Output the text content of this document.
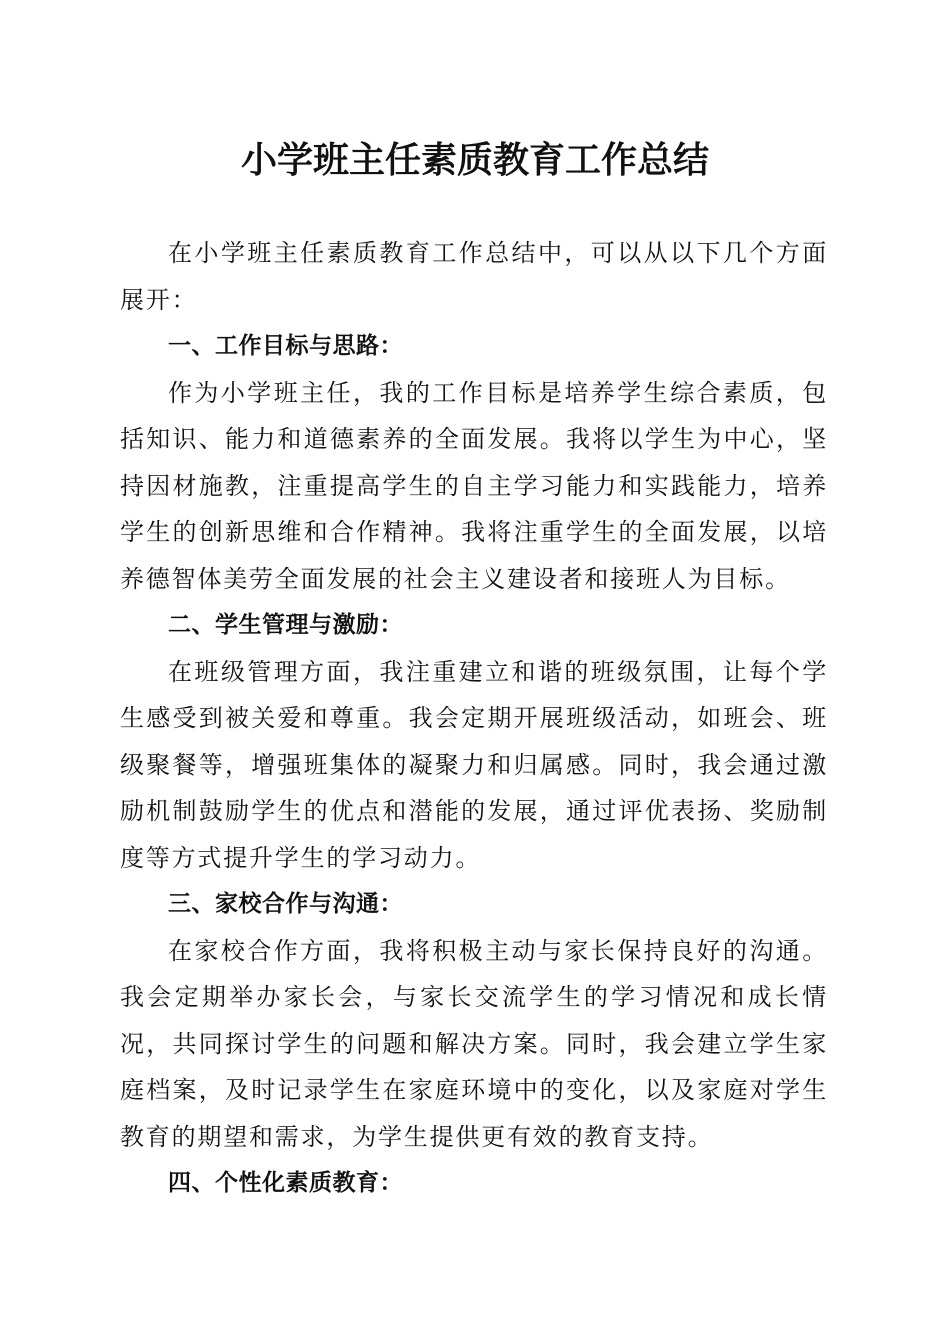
小学班主任素质教育工作总结

在小学班主任素质教育工作总结中，可以从以下几个方面展开：

一、工作目标与思路：

作为小学班主任，我的工作目标是培养学生综合素质，包括知识、能力和道德素养的全面发展。我将以学生为中心，坚持因材施教，注重提高学生的自主学习能力和实践能力，培养学生的创新思维和合作精神。我将注重学生的全面发展，以培养德智体美劳全面发展的社会主义建设者和接班人为目标。

二、学生管理与激励：

在班级管理方面，我注重建立和谐的班级氛围，让每个学生感受到被关爱和尊重。我会定期开展班级活动，如班会、班级聚餐等，增强班集体的凝聚力和归属感。同时，我会通过激励机制鼓励学生的优点和潜能的发展，通过评优表扬、奖励制度等方式提升学生的学习动力。

三、家校合作与沟通：

在家校合作方面，我将积极主动与家长保持良好的沟通。我会定期举办家长会，与家长交流学生的学习情况和成长情况，共同探讨学生的问题和解决方案。同时，我会建立学生家庭档案，及时记录学生在家庭环境中的变化，以及家庭对学生教育的期望和需求，为学生提供更有效的教育支持。

四、个性化素质教育：
